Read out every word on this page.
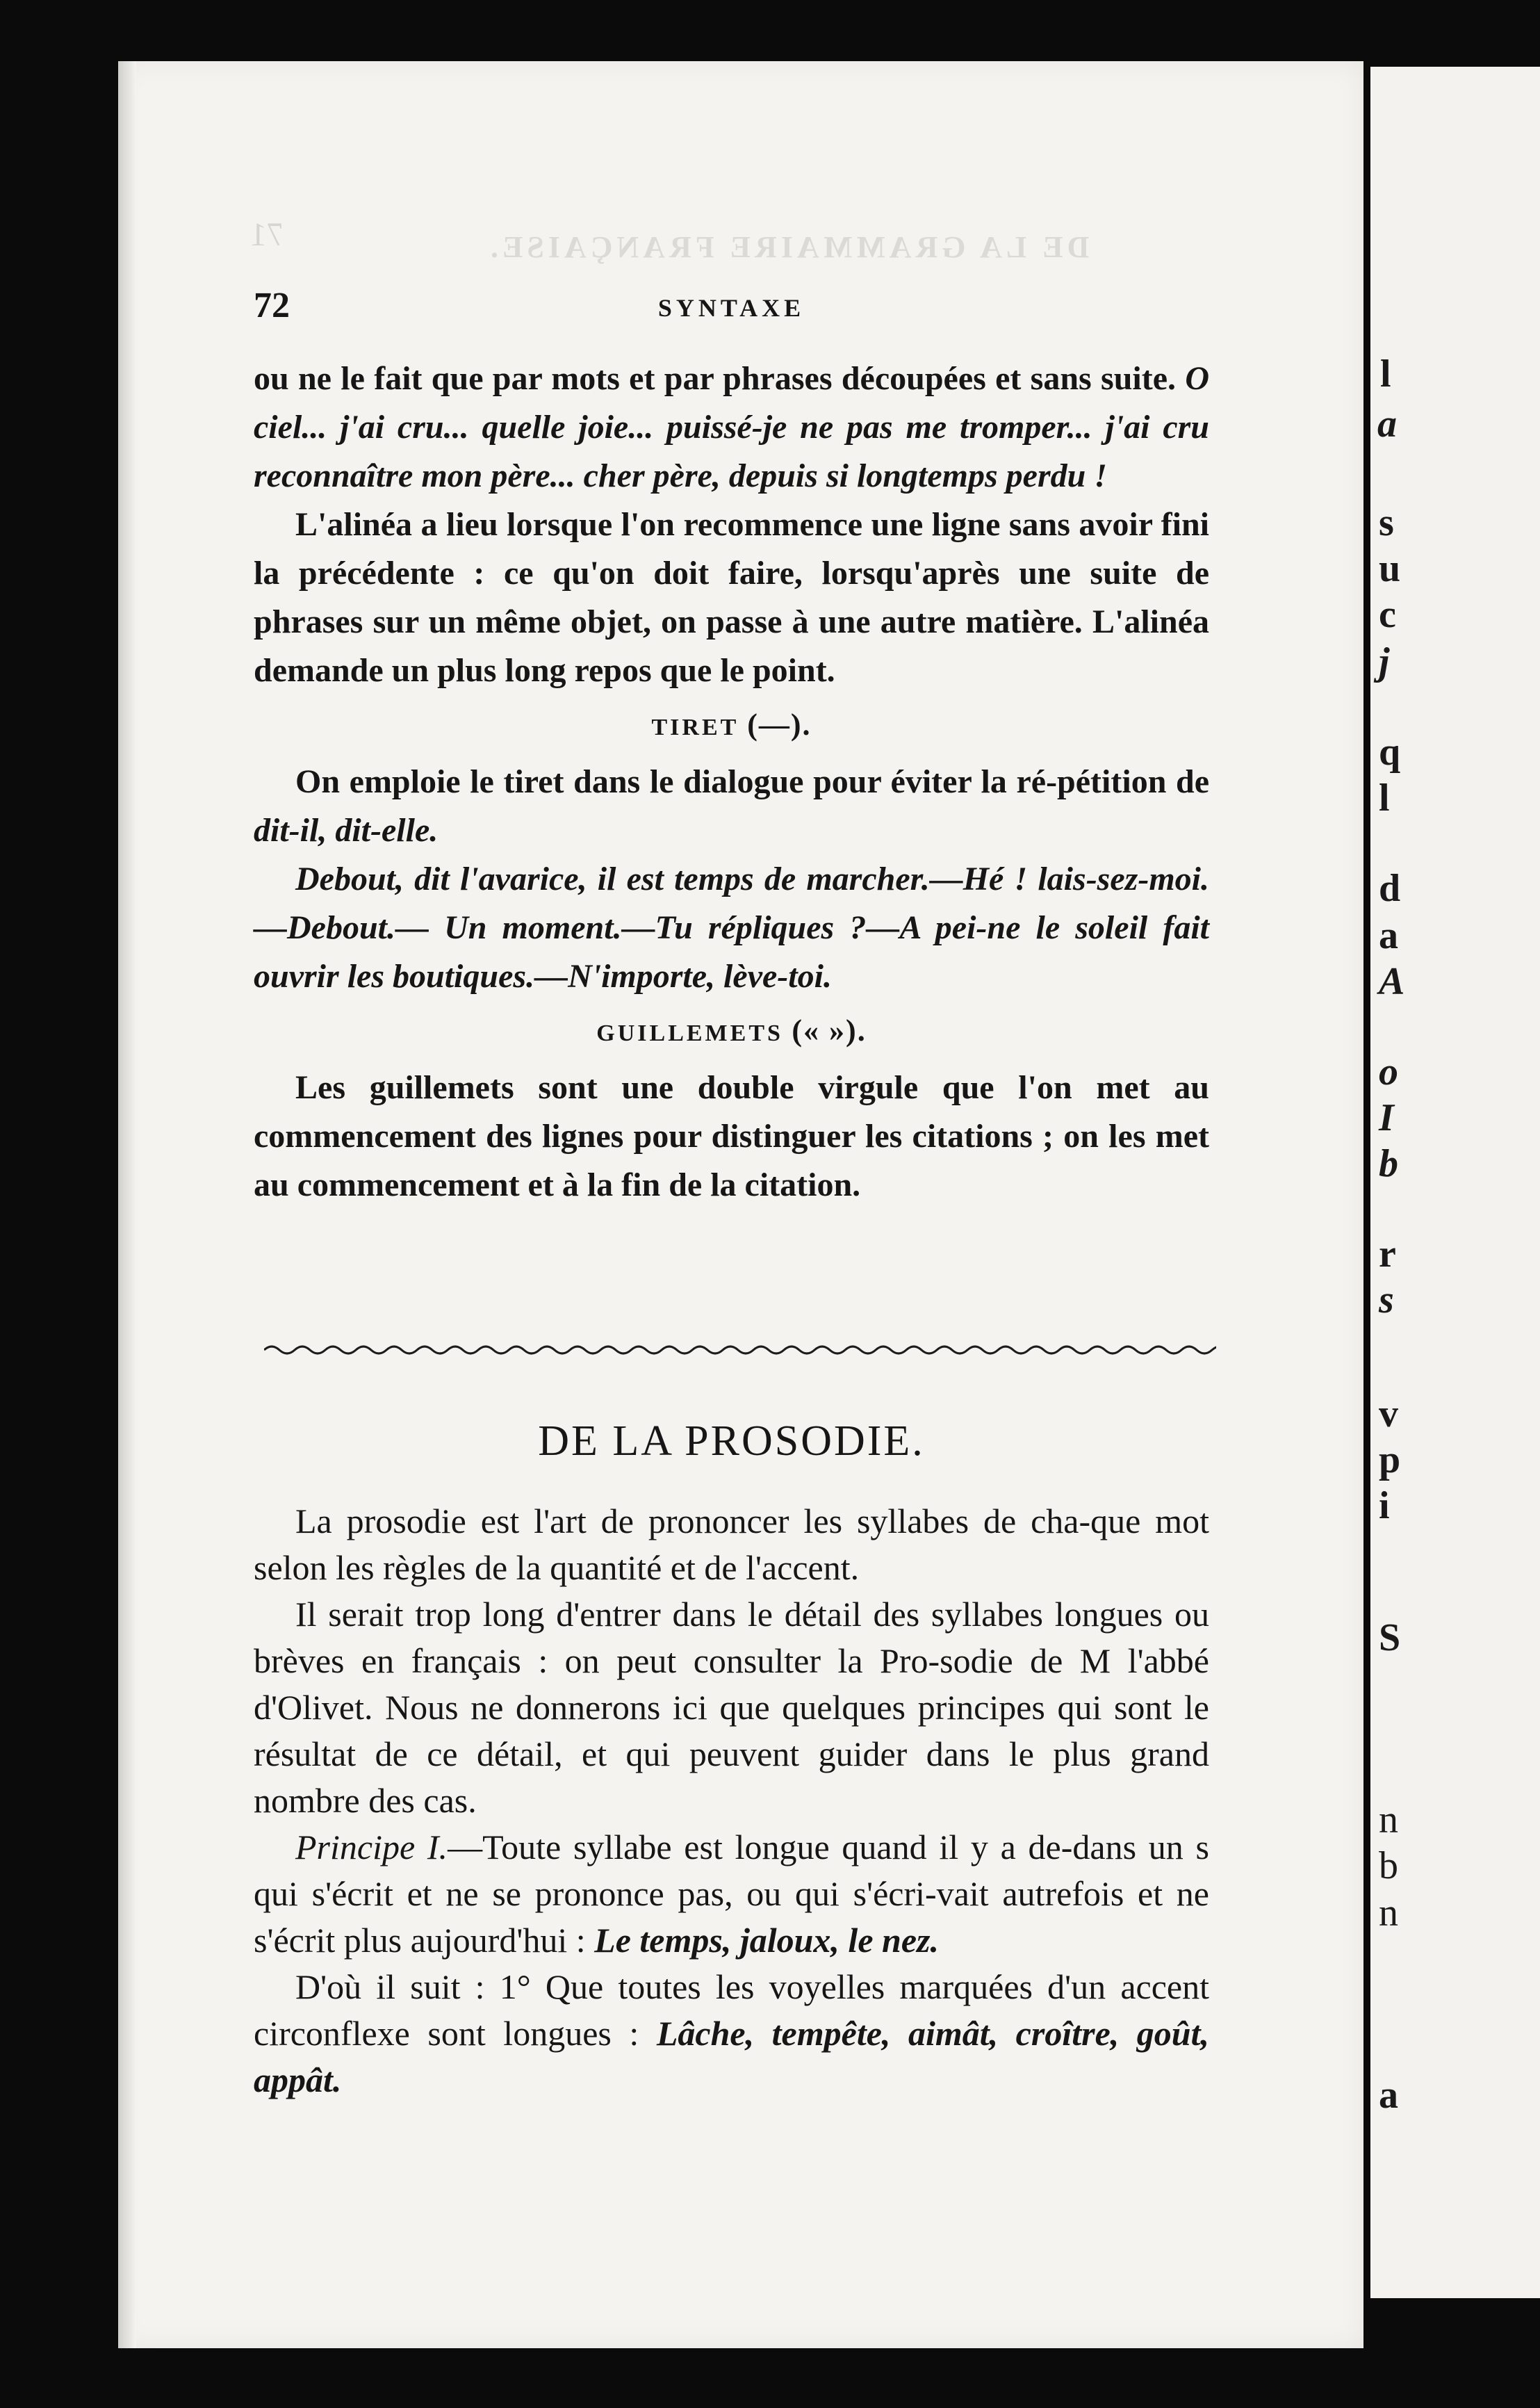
71	DE LA GRAMMAIRE FRANÇAISE.
72	SYNTAXE

ou ne le fait que par mots et par phrases découpées et sans suite. O ciel... j'ai cru... quelle joie... puissé-je ne pas me tromper... j'ai cru reconnaître mon père... cher père, depuis si longtemps perdu !

L'alinéa a lieu lorsque l'on recommence une ligne sans avoir fini la précédente : ce qu'on doit faire, lorsqu'après une suite de phrases sur un même objet, on passe à une autre matière. L'alinéa demande un plus long repos que le point.

TIRET (—).

On emploie le tiret dans le dialogue pour éviter la ré-pétition de dit-il, dit-elle.

Debout, dit l'avarice, il est temps de marcher.—Hé ! lais-sez-moi.—Debout.— Un moment.—Tu répliques ?—A pei-ne le soleil fait ouvrir les boutiques.—N'importe, lève-toi.

GUILLEMETS (« »).

Les guillemets sont une double virgule que l'on met au commencement des lignes pour distinguer les citations ; on les met au commencement et à la fin de la citation.

DE LA PROSODIE.

La prosodie est l'art de prononcer les syllabes de cha-que mot selon les règles de la quantité et de l'accent.

Il serait trop long d'entrer dans le détail des syllabes longues ou brèves en français : on peut consulter la Pro-sodie de M l'abbé d'Olivet. Nous ne donnerons ici que quelques principes qui sont le résultat de ce détail, et qui peuvent guider dans le plus grand nombre des cas.

Principe I.—Toute syllabe est longue quand il y a de-dans un s qui s'écrit et ne se prononce pas, ou qui s'écri-vait autrefois et ne s'écrit plus aujourd'hui : Le temps, jaloux, le nez.

D'où il suit : 1° Que toutes les voyelles marquées d'un accent circonflexe sont longues : Lâche, tempête, aimât, croître, goût, appât.

l
a
s
u
c
j
q
l
d
a
A
o
I
b
r
s
v
p
i
S
n
b
n
a
